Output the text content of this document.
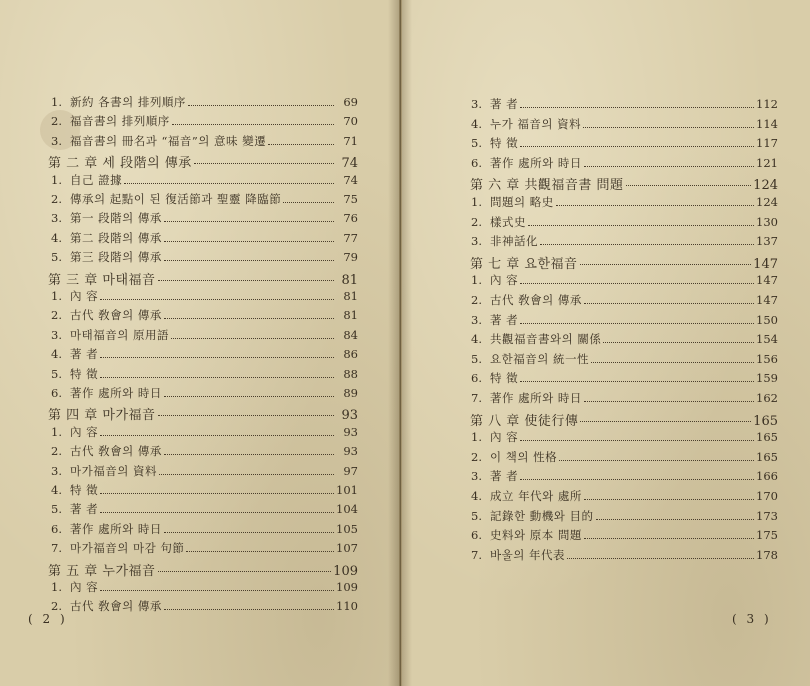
1. 新約 各書의 排列順序	69
2. 福音書의 排列順序	70
3. 福音書의 冊名과 “福音”의 意味 變遷	71
第 二 章 세 段階의 傳承	74
1. 自己 證據	74
2. 傳承의 起點이 된 復活節과 聖靈 降臨節	75
3. 第一 段階의 傳承	76
4. 第二 段階의 傳承	77
5. 第三 段階의 傳承	79
第 三 章 마태福音	81
1. 內 容	81
2. 古代 敎會의 傳承	81
3. 마태福音의 原用語	84
4. 著 者	86
5. 特 徵	88
6. 著作 處所와 時日	89
第 四 章 마가福音	93
1. 內 容	93
2. 古代 敎會의 傳承	93
3. 마가福音의 資料	97
4. 特 徵	101
5. 著 者	104
6. 著作 處所와 時日	105
7. 마가福音의 마감 句節	107
第 五 章 누가福音	109
1. 內 容	109
2. 古代 敎會의 傳承	110
( 2 )
3. 著 者	112
4. 누가 福音의 資料	114
5. 特 徵	117
6. 著作 處所와 時日	121
第 六 章 共觀福音書 問題	124
1. 問題의 略史	124
2. 樣式史	130
3. 非神話化	137
第 七 章 요한福音	147
1. 內 容	147
2. 古代 敎會의 傳承	147
3. 著 者	150
4. 共觀福音書와의 關係	154
5. 요한福音의 統一性	156
6. 特 徵	159
7. 著作 處所와 時日	162
第 八 章 使徒行傳	165
1. 內 容	165
2. 이 책의 性格	165
3. 著 者	166
4. 成立 年代와 處所	170
5. 記錄한 動機와 目的	173
6. 史料와 原本 問題	175
7. 바울의 年代表	178
( 3 )
